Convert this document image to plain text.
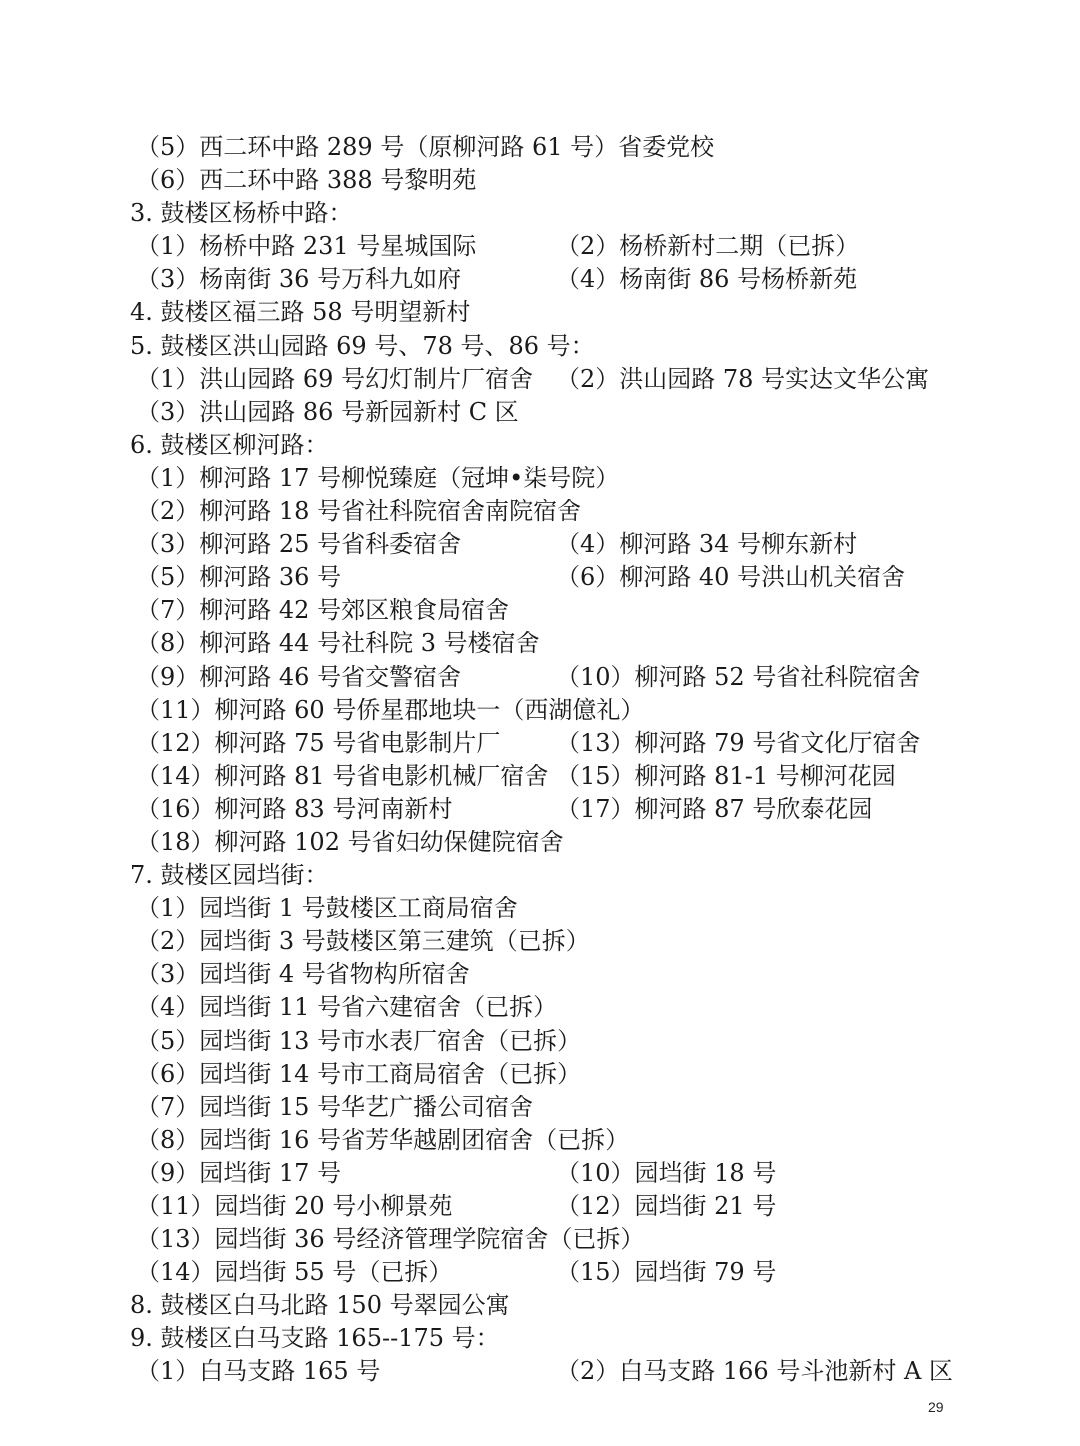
（5）西二环中路 289 号（原柳河路 61 号）省委党校
（6）西二环中路 388 号黎明苑
3. 鼓楼区杨桥中路：
（1）杨桥中路 231 号星城国际	（2）杨桥新村二期（已拆）
（3）杨南街 36 号万科九如府	（4）杨南街 86 号杨桥新苑
4. 鼓楼区福三路 58 号明望新村
5. 鼓楼区洪山园路 69 号、78 号、86 号：
（1）洪山园路 69 号幻灯制片厂宿舍 （2）洪山园路 78 号实达文华公寓
（3）洪山园路 86 号新园新村 C 区
6. 鼓楼区柳河路：
（1）柳河路 17 号柳悦臻庭（冠坤•柒号院）
（2）柳河路 18 号省社科院宿舍南院宿舍
（3）柳河路 25 号省科委宿舍	（4）柳河路 34 号柳东新村
（5）柳河路 36 号	（6）柳河路 40 号洪山机关宿舍
（7）柳河路 42 号郊区粮食局宿舍
（8）柳河路 44 号社科院 3 号楼宿舍
（9）柳河路 46 号省交警宿舍	（10）柳河路 52 号省社科院宿舍
（11）柳河路 60 号侨星郡地块一（西湖億礼）
（12）柳河路 75 号省电影制片厂 （13）柳河路 79 号省文化厅宿舍
（14）柳河路 81 号省电影机械厂宿舍 （15）柳河路 81-1 号柳河花园
（16）柳河路 83 号河南新村	（17）柳河路 87 号欣泰花园
（18）柳河路 102 号省妇幼保健院宿舍
7. 鼓楼区园垱街：
（1）园垱街 1 号鼓楼区工商局宿舍
（2）园垱街 3 号鼓楼区第三建筑（已拆）
（3）园垱街 4 号省物构所宿舍
（4）园垱街 11 号省六建宿舍（已拆）
（5）园垱街 13 号市水表厂宿舍（已拆）
（6）园垱街 14 号市工商局宿舍（已拆）
（7）园垱街 15 号华艺广播公司宿舍
（8）园垱街 16 号省芳华越剧团宿舍（已拆）
（9）园垱街 17 号	（10）园垱街 18 号
（11）园垱街 20 号小柳景苑	（12）园垱街 21 号
（13）园垱街 36 号经济管理学院宿舍（已拆）
（14）园垱街 55 号（已拆）	（15）园垱街 79 号
8. 鼓楼区白马北路 150 号翠园公寓
9. 鼓楼区白马支路 165--175 号：
（1）白马支路 165 号	（2）白马支路 166 号斗池新村 A 区
29
